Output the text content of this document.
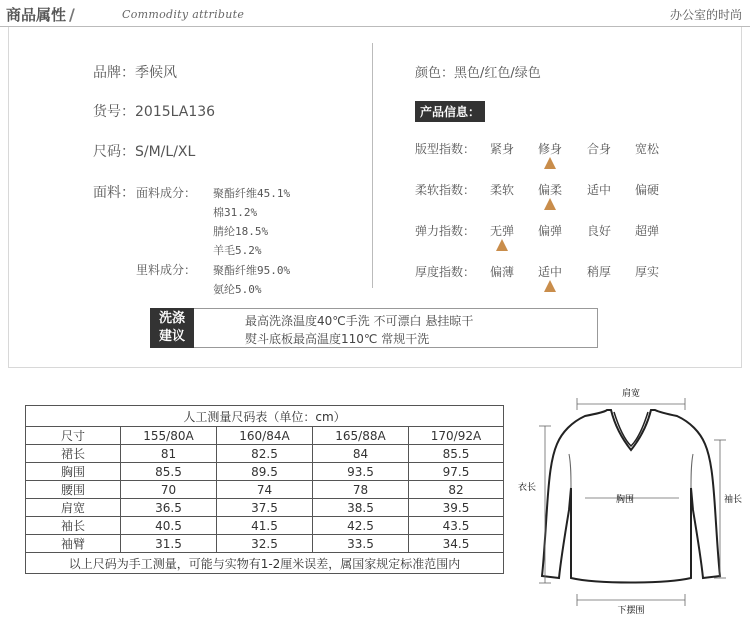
商品属性 /	Commodity attribute	办公室的时尚
品牌：季候风
货号：2015LA136
尺码：S/M/L/XL
面料： 面料成分： 聚酯纤维45.1%
棉31.2%
腈纶18.5%
羊毛5.2%
里料成分： 聚酯纤维95.0%
氨纶5.0%
颜色：黑色/红色/绿色
产品信息：
版型指数：	紧身	修身	合身	宽松
柔软指数：	柔软	偏柔	适中	偏硬
弹力指数：	无弹	偏弹	良好	超弹
厚度指数：	偏薄	适中	稍厚	厚实
洗涤
建议
最高洗涤温度40℃手洗 不可漂白 悬挂晾干
熨斗底板最高温度110℃ 常规干洗
人工测量尺码表（单位：cm）				
尺寸	155/80A	160/84A	165/88A	170/92A
裙长	81	82.5	84	85.5
胸围	85.5	89.5	93.5	97.5
腰围	70	74	78	82
肩宽	36.5	37.5	38.5	39.5
袖长	40.5	41.5	42.5	43.5
袖臂	31.5	32.5	33.5	34.5
以上尺码为手工测量，可能与实物有1-2厘米误差，属国家规定标准范围内				
肩宽
衣长
胸围	袖长
下摆围
